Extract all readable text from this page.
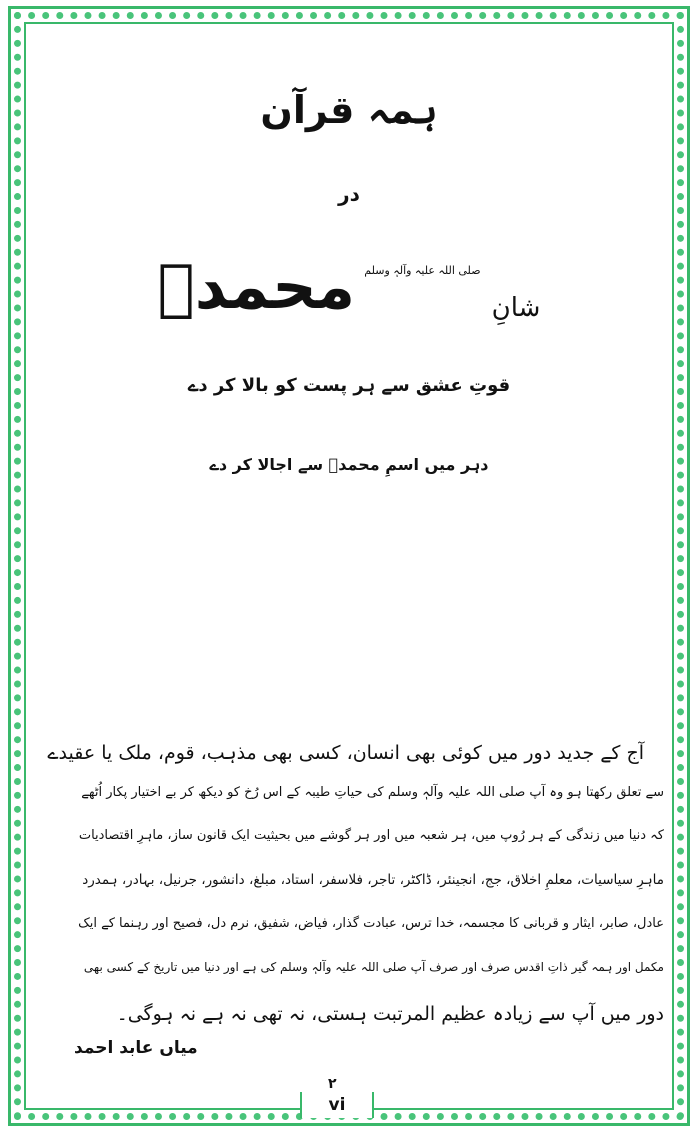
ہمہ قرآن
در
شانِ صلی اللہ علیہ وآلہٖ وسلم محمدؐ
قوتِ عشق سے ہر پست کو بالا کر دے
دہر میں اسمِ محمدؐ سے اجالا کر دے
آج کے جدید دور میں کوئی بھی انسان، کسی بھی مذہب، قوم، ملک یا عقیدے
سے تعلق رکھتا ہو وہ آپ صلی اللہ علیہ وآلہٖ وسلم کی حیاتِ طیبہ کے اس رُخ کو دیکھ کر بے اختیار پکار اُٹھے
کہ دنیا میں زندگی کے ہر رُوپ میں، ہر شعبہ میں اور ہر گوشے میں بحیثیت ایک قانون ساز، ماہرِ اقتصادیات
ماہرِ سیاسیات، معلمِ اخلاق، جج، انجینئر، ڈاکٹر، تاجر، فلاسفر، استاد، مبلغ، دانشور، جرنیل، بہادر، ہمدرد
عادل، صابر، ایثار و قربانی کا مجسمہ، خدا ترس، عبادت گذار، فیاض، شفیق، نرم دل، فصیح اور رہنما کے ایک
مکمل اور ہمہ گیر ذاتِ اقدس صرف اور صرف آپ صلی اللہ علیہ وآلہٖ وسلم کی ہے اور دنیا میں تاریخ کے کسی بھی
دور میں آپ سے زیادہ عظیم المرتبت ہستی، نہ تھی نہ ہے نہ ہوگی۔
میاں عابد احمد
۲
vi
